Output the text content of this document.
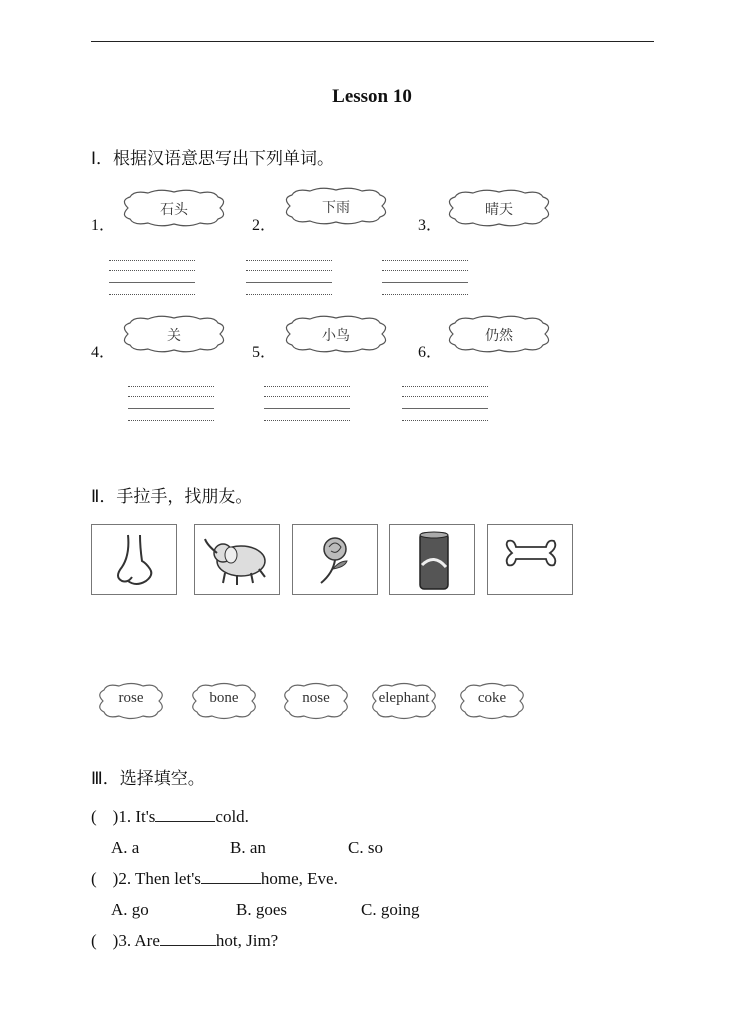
Lesson 10
Ⅰ．根据汉语意思写出下列单词。
1．
石头
2．
下雨
3．
晴天
4．
关
5．
小鸟
6．
仍然
Ⅱ．手拉手，找朋友。
rose	bone	nose	elephant	coke
Ⅲ．选择填空。
( )1. It's	cold.
A. a	B. an	C. so
( )2. Then let's	home, Eve.
A. go	B. goes	C. going
( )3. Are	hot, Jim?
